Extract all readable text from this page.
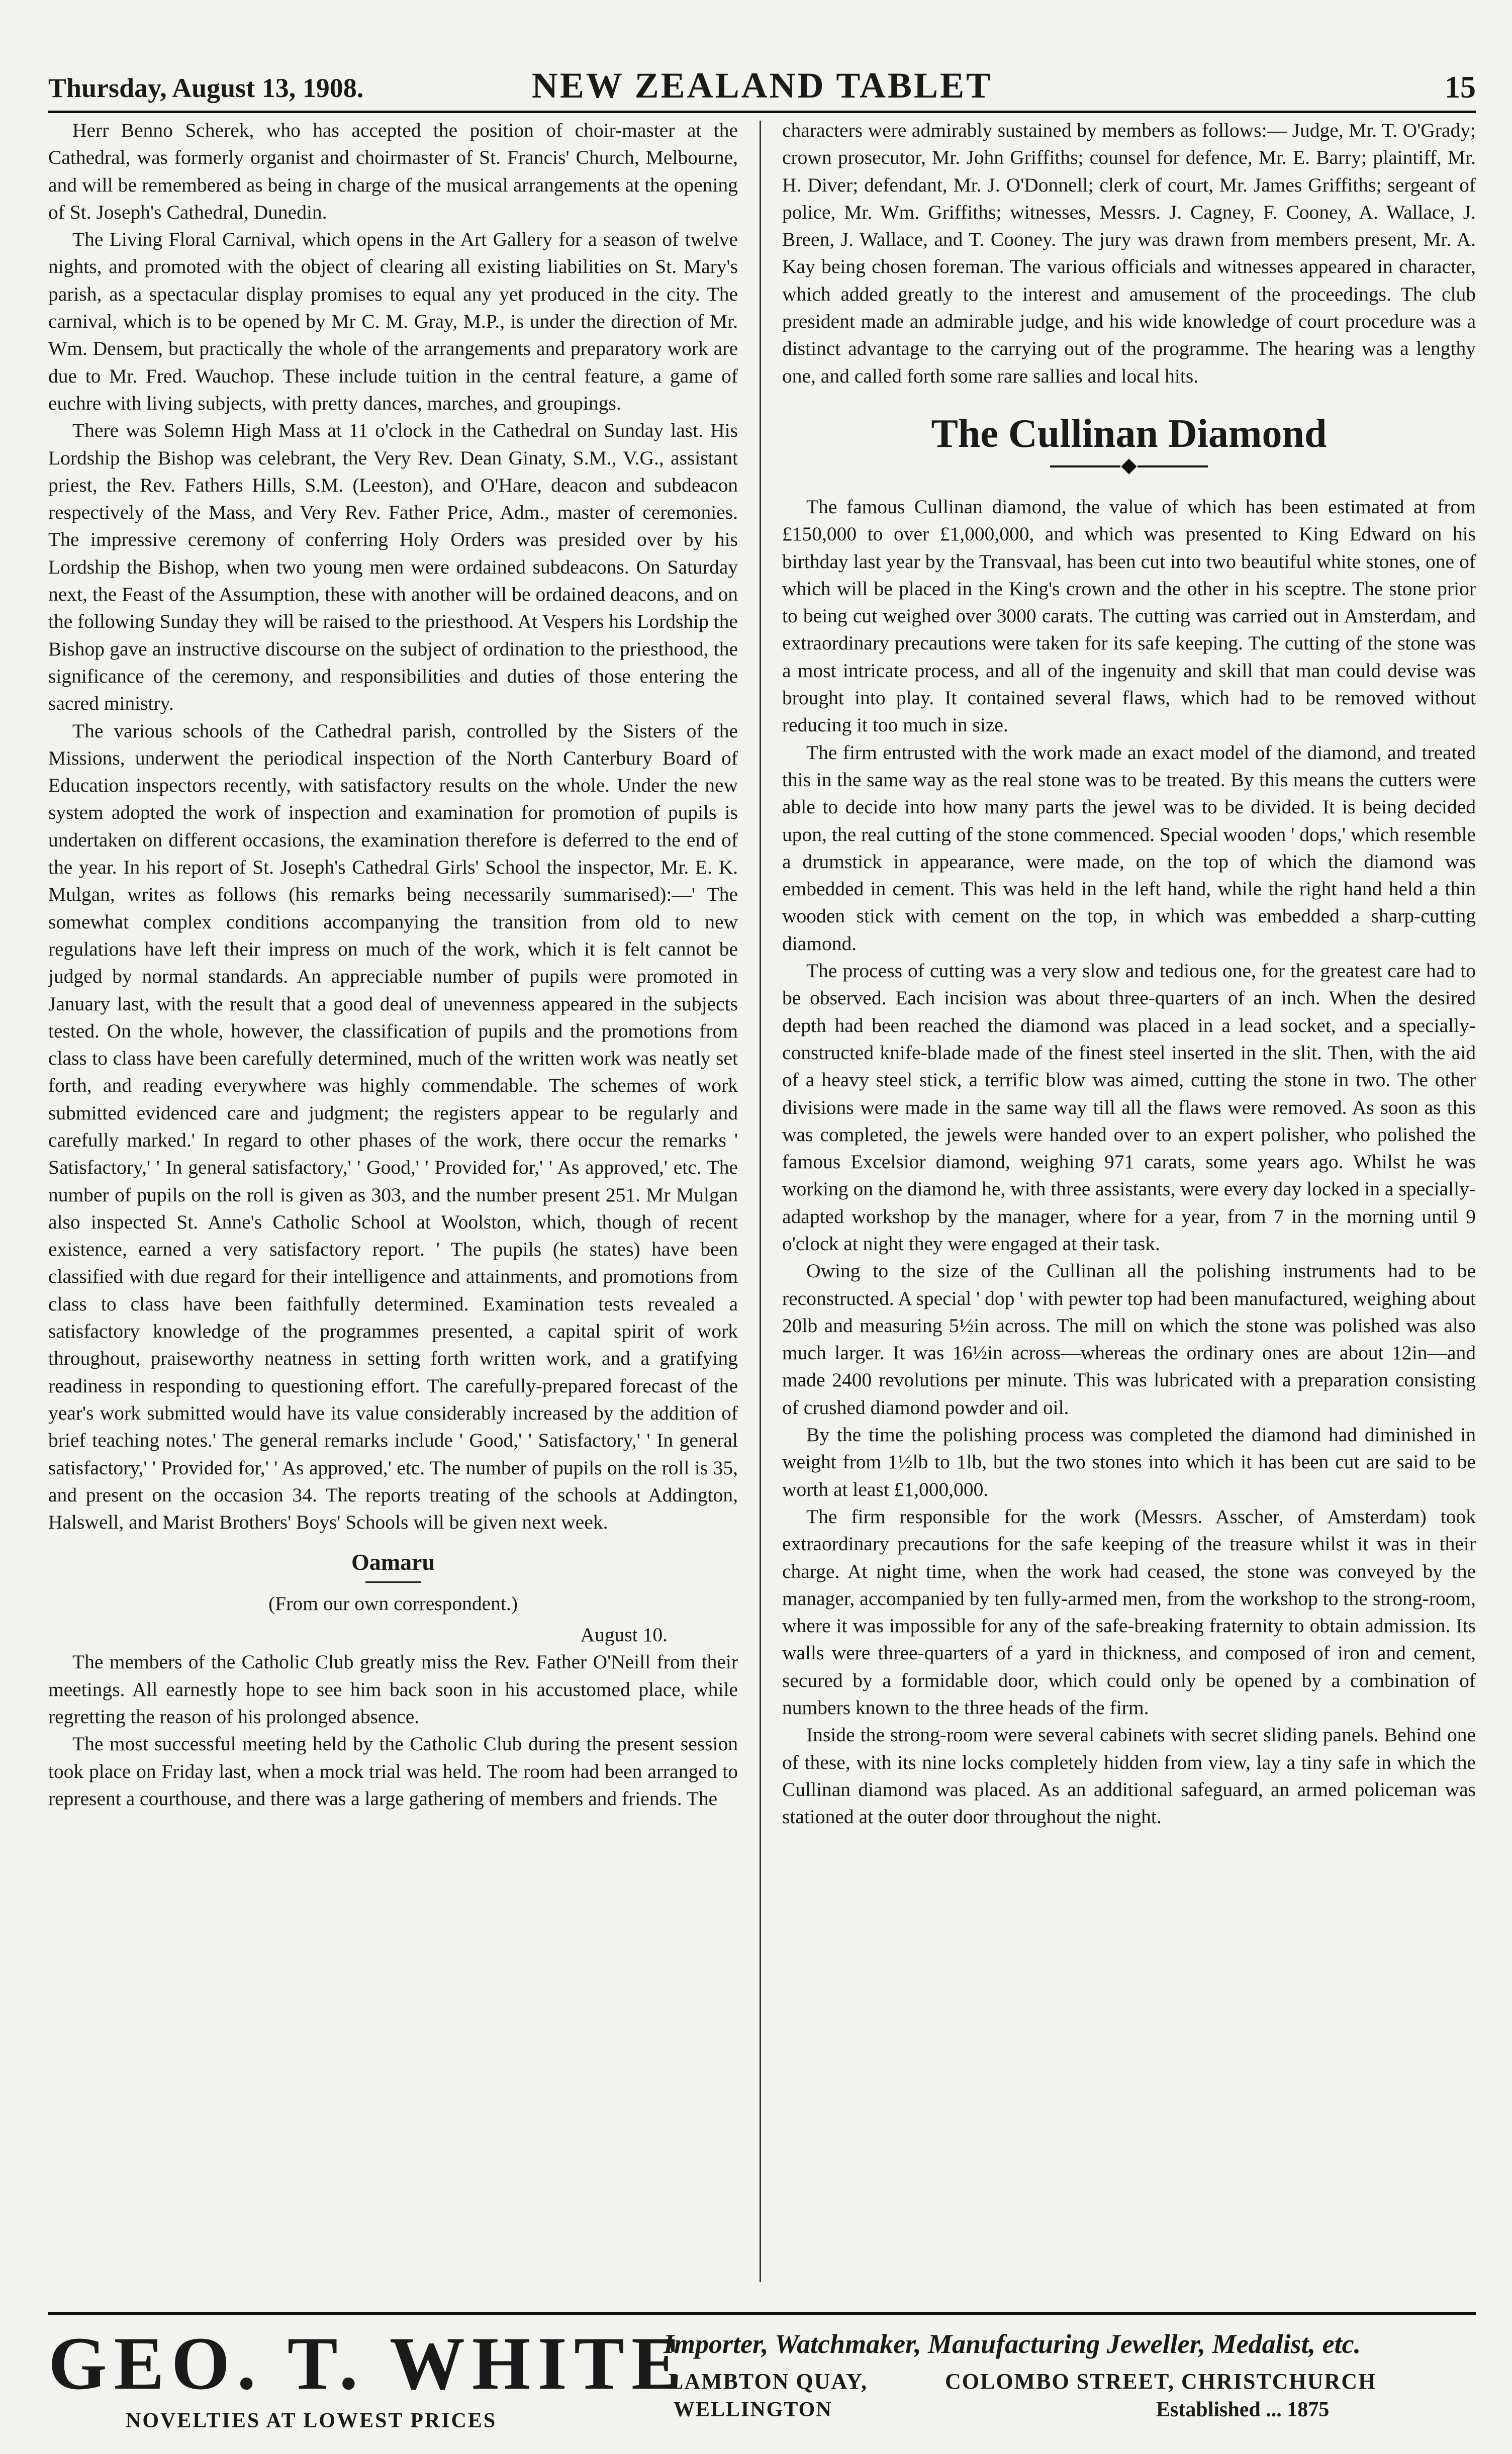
Thursday, August 13, 1908.	NEW ZEALAND TABLET	15

Herr Benno Scherek, who has accepted the position of choir-master at the Cathedral, was formerly organist and choirmaster of St. Francis' Church, Melbourne, and will be remembered as being in charge of the musical arrangements at the opening of St. Joseph's Cathedral, Dunedin.

The Living Floral Carnival, which opens in the Art Gallery for a season of twelve nights, and promoted with the object of clearing all existing liabilities on St. Mary's parish, as a spectacular display promises to equal any yet produced in the city. The carnival, which is to be opened by Mr C. M. Gray, M.P., is under the direction of Mr. Wm. Densem, but practically the whole of the arrangements and preparatory work are due to Mr. Fred. Wauchop. These include tuition in the central feature, a game of euchre with living subjects, with pretty dances, marches, and groupings.

There was Solemn High Mass at 11 o'clock in the Cathedral on Sunday last. His Lordship the Bishop was celebrant, the Very Rev. Dean Ginaty, S.M., V.G., assistant priest, the Rev. Fathers Hills, S.M. (Leeston), and O'Hare, deacon and subdeacon respectively of the Mass, and Very Rev. Father Price, Adm., master of ceremonies. The impressive ceremony of conferring Holy Orders was presided over by his Lordship the Bishop, when two young men were ordained subdeacons. On Saturday next, the Feast of the Assumption, these with another will be ordained deacons, and on the following Sunday they will be raised to the priesthood. At Vespers his Lordship the Bishop gave an instructive discourse on the subject of ordination to the priesthood, the significance of the ceremony, and responsibilities and duties of those entering the sacred ministry.

The various schools of the Cathedral parish, controlled by the Sisters of the Missions, underwent the periodical inspection of the North Canterbury Board of Education inspectors recently, with satisfactory results on the whole. Under the new system adopted the work of inspection and examination for promotion of pupils is undertaken on different occasions, the examination therefore is deferred to the end of the year. In his report of St. Joseph's Cathedral Girls' School the inspector, Mr. E. K. Mulgan, writes as follows (his remarks being necessarily summarised):—' The somewhat complex conditions accompanying the transition from old to new regulations have left their impress on much of the work, which it is felt cannot be judged by normal standards. An appreciable number of pupils were promoted in January last, with the result that a good deal of unevenness appeared in the subjects tested. On the whole, however, the classification of pupils and the promotions from class to class have been carefully determined, much of the written work was neatly set forth, and reading everywhere was highly commendable. The schemes of work submitted evidenced care and judgment; the registers appear to be regularly and carefully marked.' In regard to other phases of the work, there occur the remarks ' Satisfactory,' ' In general satisfactory,' ' Good,' ' Provided for,' ' As approved,' etc. The number of pupils on the roll is given as 303, and the number present 251. Mr Mulgan also inspected St. Anne's Catholic School at Woolston, which, though of recent existence, earned a very satisfactory report. ' The pupils (he states) have been classified with due regard for their intelligence and attainments, and promotions from class to class have been faithfully determined. Examination tests revealed a satisfactory knowledge of the programmes presented, a capital spirit of work throughout, praiseworthy neatness in setting forth written work, and a gratifying readiness in responding to questioning effort. The carefully-prepared forecast of the year's work submitted would have its value considerably increased by the addition of brief teaching notes.' The general remarks include ' Good,' ' Satisfactory,' ' In general satisfactory,' ' Provided for,' ' As approved,' etc. The number of pupils on the roll is 35, and present on the occasion 34. The reports treating of the schools at Addington, Halswell, and Marist Brothers' Boys' Schools will be given next week.

Oamaru
(From our own correspondent.)
August 10.

The members of the Catholic Club greatly miss the Rev. Father O'Neill from their meetings. All earnestly hope to see him back soon in his accustomed place, while regretting the reason of his prolonged absence.

The most successful meeting held by the Catholic Club during the present session took place on Friday last, when a mock trial was held. The room had been arranged to represent a courthouse, and there was a large gathering of members and friends. The

characters were admirably sustained by members as follows:— Judge, Mr. T. O'Grady; crown prosecutor, Mr. John Griffiths; counsel for defence, Mr. E. Barry; plaintiff, Mr. H. Diver; defendant, Mr. J. O'Donnell; clerk of court, Mr. James Griffiths; sergeant of police, Mr. Wm. Griffiths; witnesses, Messrs. J. Cagney, F. Cooney, A. Wallace, J. Breen, J. Wallace, and T. Cooney. The jury was drawn from members present, Mr. A. Kay being chosen foreman. The various officials and witnesses appeared in character, which added greatly to the interest and amusement of the proceedings. The club president made an admirable judge, and his wide knowledge of court procedure was a distinct advantage to the carrying out of the programme. The hearing was a lengthy one, and called forth some rare sallies and local hits.

The Cullinan Diamond

The famous Cullinan diamond, the value of which has been estimated at from £150,000 to over £1,000,000, and which was presented to King Edward on his birthday last year by the Transvaal, has been cut into two beautiful white stones, one of which will be placed in the King's crown and the other in his sceptre. The stone prior to being cut weighed over 3000 carats. The cutting was carried out in Amsterdam, and extraordinary precautions were taken for its safe keeping. The cutting of the stone was a most intricate process, and all of the ingenuity and skill that man could devise was brought into play. It contained several flaws, which had to be removed without reducing it too much in size.

The firm entrusted with the work made an exact model of the diamond, and treated this in the same way as the real stone was to be treated. By this means the cutters were able to decide into how many parts the jewel was to be divided. It is being decided upon, the real cutting of the stone commenced. Special wooden ' dops,' which resemble a drumstick in appearance, were made, on the top of which the diamond was embedded in cement. This was held in the left hand, while the right hand held a thin wooden stick with cement on the top, in which was embedded a sharp-cutting diamond.

The process of cutting was a very slow and tedious one, for the greatest care had to be observed. Each incision was about three-quarters of an inch. When the desired depth had been reached the diamond was placed in a lead socket, and a specially-constructed knife-blade made of the finest steel inserted in the slit. Then, with the aid of a heavy steel stick, a terrific blow was aimed, cutting the stone in two. The other divisions were made in the same way till all the flaws were removed. As soon as this was completed, the jewels were handed over to an expert polisher, who polished the famous Excelsior diamond, weighing 971 carats, some years ago. Whilst he was working on the diamond he, with three assistants, were every day locked in a specially-adapted workshop by the manager, where for a year, from 7 in the morning until 9 o'clock at night they were engaged at their task.

Owing to the size of the Cullinan all the polishing instruments had to be reconstructed. A special ' dop ' with pewter top had been manufactured, weighing about 20lb and measuring 5½in across. The mill on which the stone was polished was also much larger. It was 16½in across—whereas the ordinary ones are about 12in—and made 2400 revolutions per minute. This was lubricated with a preparation consisting of crushed diamond powder and oil.

By the time the polishing process was completed the diamond had diminished in weight from 1½lb to 1lb, but the two stones into which it has been cut are said to be worth at least £1,000,000.

The firm responsible for the work (Messrs. Asscher, of Amsterdam) took extraordinary precautions for the safe keeping of the treasure whilst it was in their charge. At night time, when the work had ceased, the stone was conveyed by the manager, accompanied by ten fully-armed men, from the workshop to the strong-room, where it was impossible for any of the safe-breaking fraternity to obtain admission. Its walls were three-quarters of a yard in thickness, and composed of iron and cement, secured by a formidable door, which could only be opened by a combination of numbers known to the three heads of the firm.

Inside the strong-room were several cabinets with secret sliding panels. Behind one of these, with its nine locks completely hidden from view, lay a tiny safe in which the Cullinan diamond was placed. As an additional safeguard, an armed policeman was stationed at the outer door throughout the night.

GEO. T. WHITE
NOVELTIES AT LOWEST PRICES
Importer, Watchmaker, Manufacturing Jeweller, Medalist, etc.
LAMBTON QUAY,	COLOMBO STREET, CHRISTCHURCH
WELLINGTON	Established ... 1875
